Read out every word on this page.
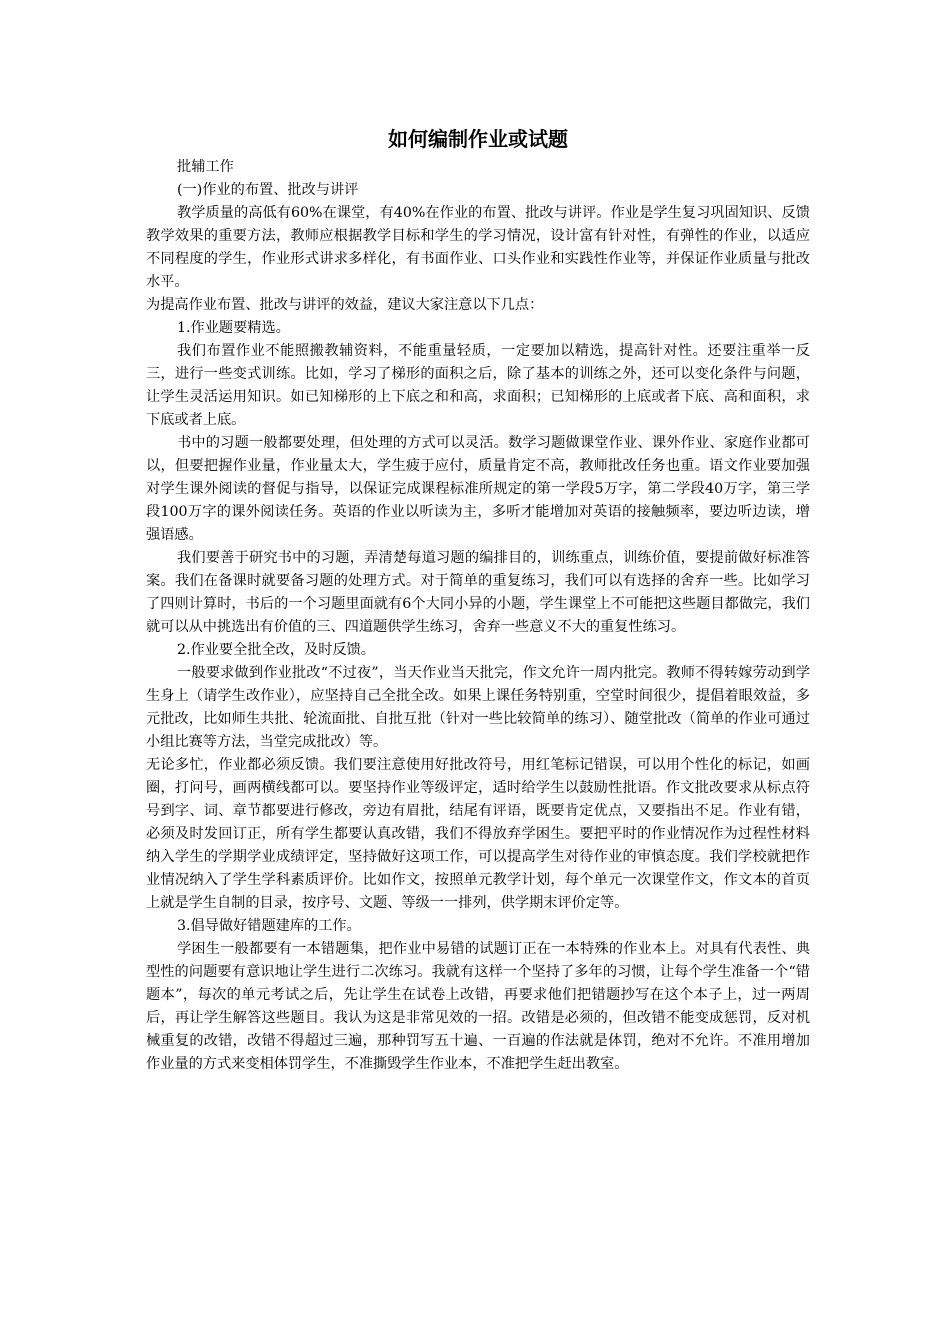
如何编制作业或试题

批辅工作

(一)作业的布置、批改与讲评

教学质量的高低有60%在课堂，有40%在作业的布置、批改与讲评。作业是学生复习巩固知识、反馈教学效果的重要方法，教师应根据教学目标和学生的学习情况，设计富有针对性，有弹性的作业，以适应不同程度的学生，作业形式讲求多样化，有书面作业、口头作业和实践性作业等，并保证作业质量与批改水平。

为提高作业布置、批改与讲评的效益，建议大家注意以下几点：

1.作业题要精选。

我们布置作业不能照搬教辅资料，不能重量轻质，一定要加以精选，提高针对性。还要注重举一反三，进行一些变式训练。比如，学习了梯形的面积之后，除了基本的训练之外，还可以变化条件与问题，让学生灵活运用知识。如已知梯形的上下底之和和高，求面积；已知梯形的上底或者下底、高和面积，求下底或者上底。

书中的习题一般都要处理，但处理的方式可以灵活。数学习题做课堂作业、课外作业、家庭作业都可以，但要把握作业量，作业量太大，学生疲于应付，质量肯定不高，教师批改任务也重。语文作业要加强对学生课外阅读的督促与指导，以保证完成课程标准所规定的第一学段5万字，第二学段40万字，第三学段100万字的课外阅读任务。英语的作业以听读为主，多听才能增加对英语的接触频率，要边听边读，增强语感。

我们要善于研究书中的习题，弄清楚每道习题的编排目的，训练重点，训练价值，要提前做好标准答案。我们在备课时就要备习题的处理方式。对于简单的重复练习，我们可以有选择的舍弃一些。比如学习了四则计算时，书后的一个习题里面就有6个大同小异的小题，学生课堂上不可能把这些题目都做完，我们就可以从中挑选出有价值的三、四道题供学生练习，舍弃一些意义不大的重复性练习。

2.作业要全批全改，及时反馈。

一般要求做到作业批改“不过夜”，当天作业当天批完，作文允许一周内批完。教师不得转嫁劳动到学生身上（请学生改作业），应坚持自己全批全改。如果上课任务特别重，空堂时间很少，提倡着眼效益，多元批改，比如师生共批、轮流面批、自批互批（针对一些比较简单的练习）、随堂批改（简单的作业可通过小组比赛等方法，当堂完成批改）等。

无论多忙，作业都必须反馈。我们要注意使用好批改符号，用红笔标记错误，可以用个性化的标记，如画圈，打问号，画两横线都可以。要坚持作业等级评定，适时给学生以鼓励性批语。作文批改要求从标点符号到字、词、章节都要进行修改，旁边有眉批，结尾有评语，既要肯定优点，又要指出不足。作业有错，必须及时发回订正，所有学生都要认真改错，我们不得放弃学困生。要把平时的作业情况作为过程性材料纳入学生的学期学业成绩评定，坚持做好这项工作，可以提高学生对待作业的审慎态度。我们学校就把作业情况纳入了学生学科素质评价。比如作文，按照单元教学计划，每个单元一次课堂作文，作文本的首页上就是学生自制的目录，按序号、文题、等级一一排列，供学期末评价定等。

3.倡导做好错题建库的工作。

学困生一般都要有一本错题集，把作业中易错的试题订正在一本特殊的作业本上。对具有代表性、典型性的问题要有意识地让学生进行二次练习。我就有这样一个坚持了多年的习惯，让每个学生准备一个“错题本”，每次的单元考试之后，先让学生在试卷上改错，再要求他们把错题抄写在这个本子上，过一两周后，再让学生解答这些题目。我认为这是非常见效的一招。改错是必须的，但改错不能变成惩罚，反对机械重复的改错，改错不得超过三遍，那种罚写五十遍、一百遍的作法就是体罚，绝对不允许。不准用增加作业量的方式来变相体罚学生，不准撕毁学生作业本，不准把学生赶出教室。
